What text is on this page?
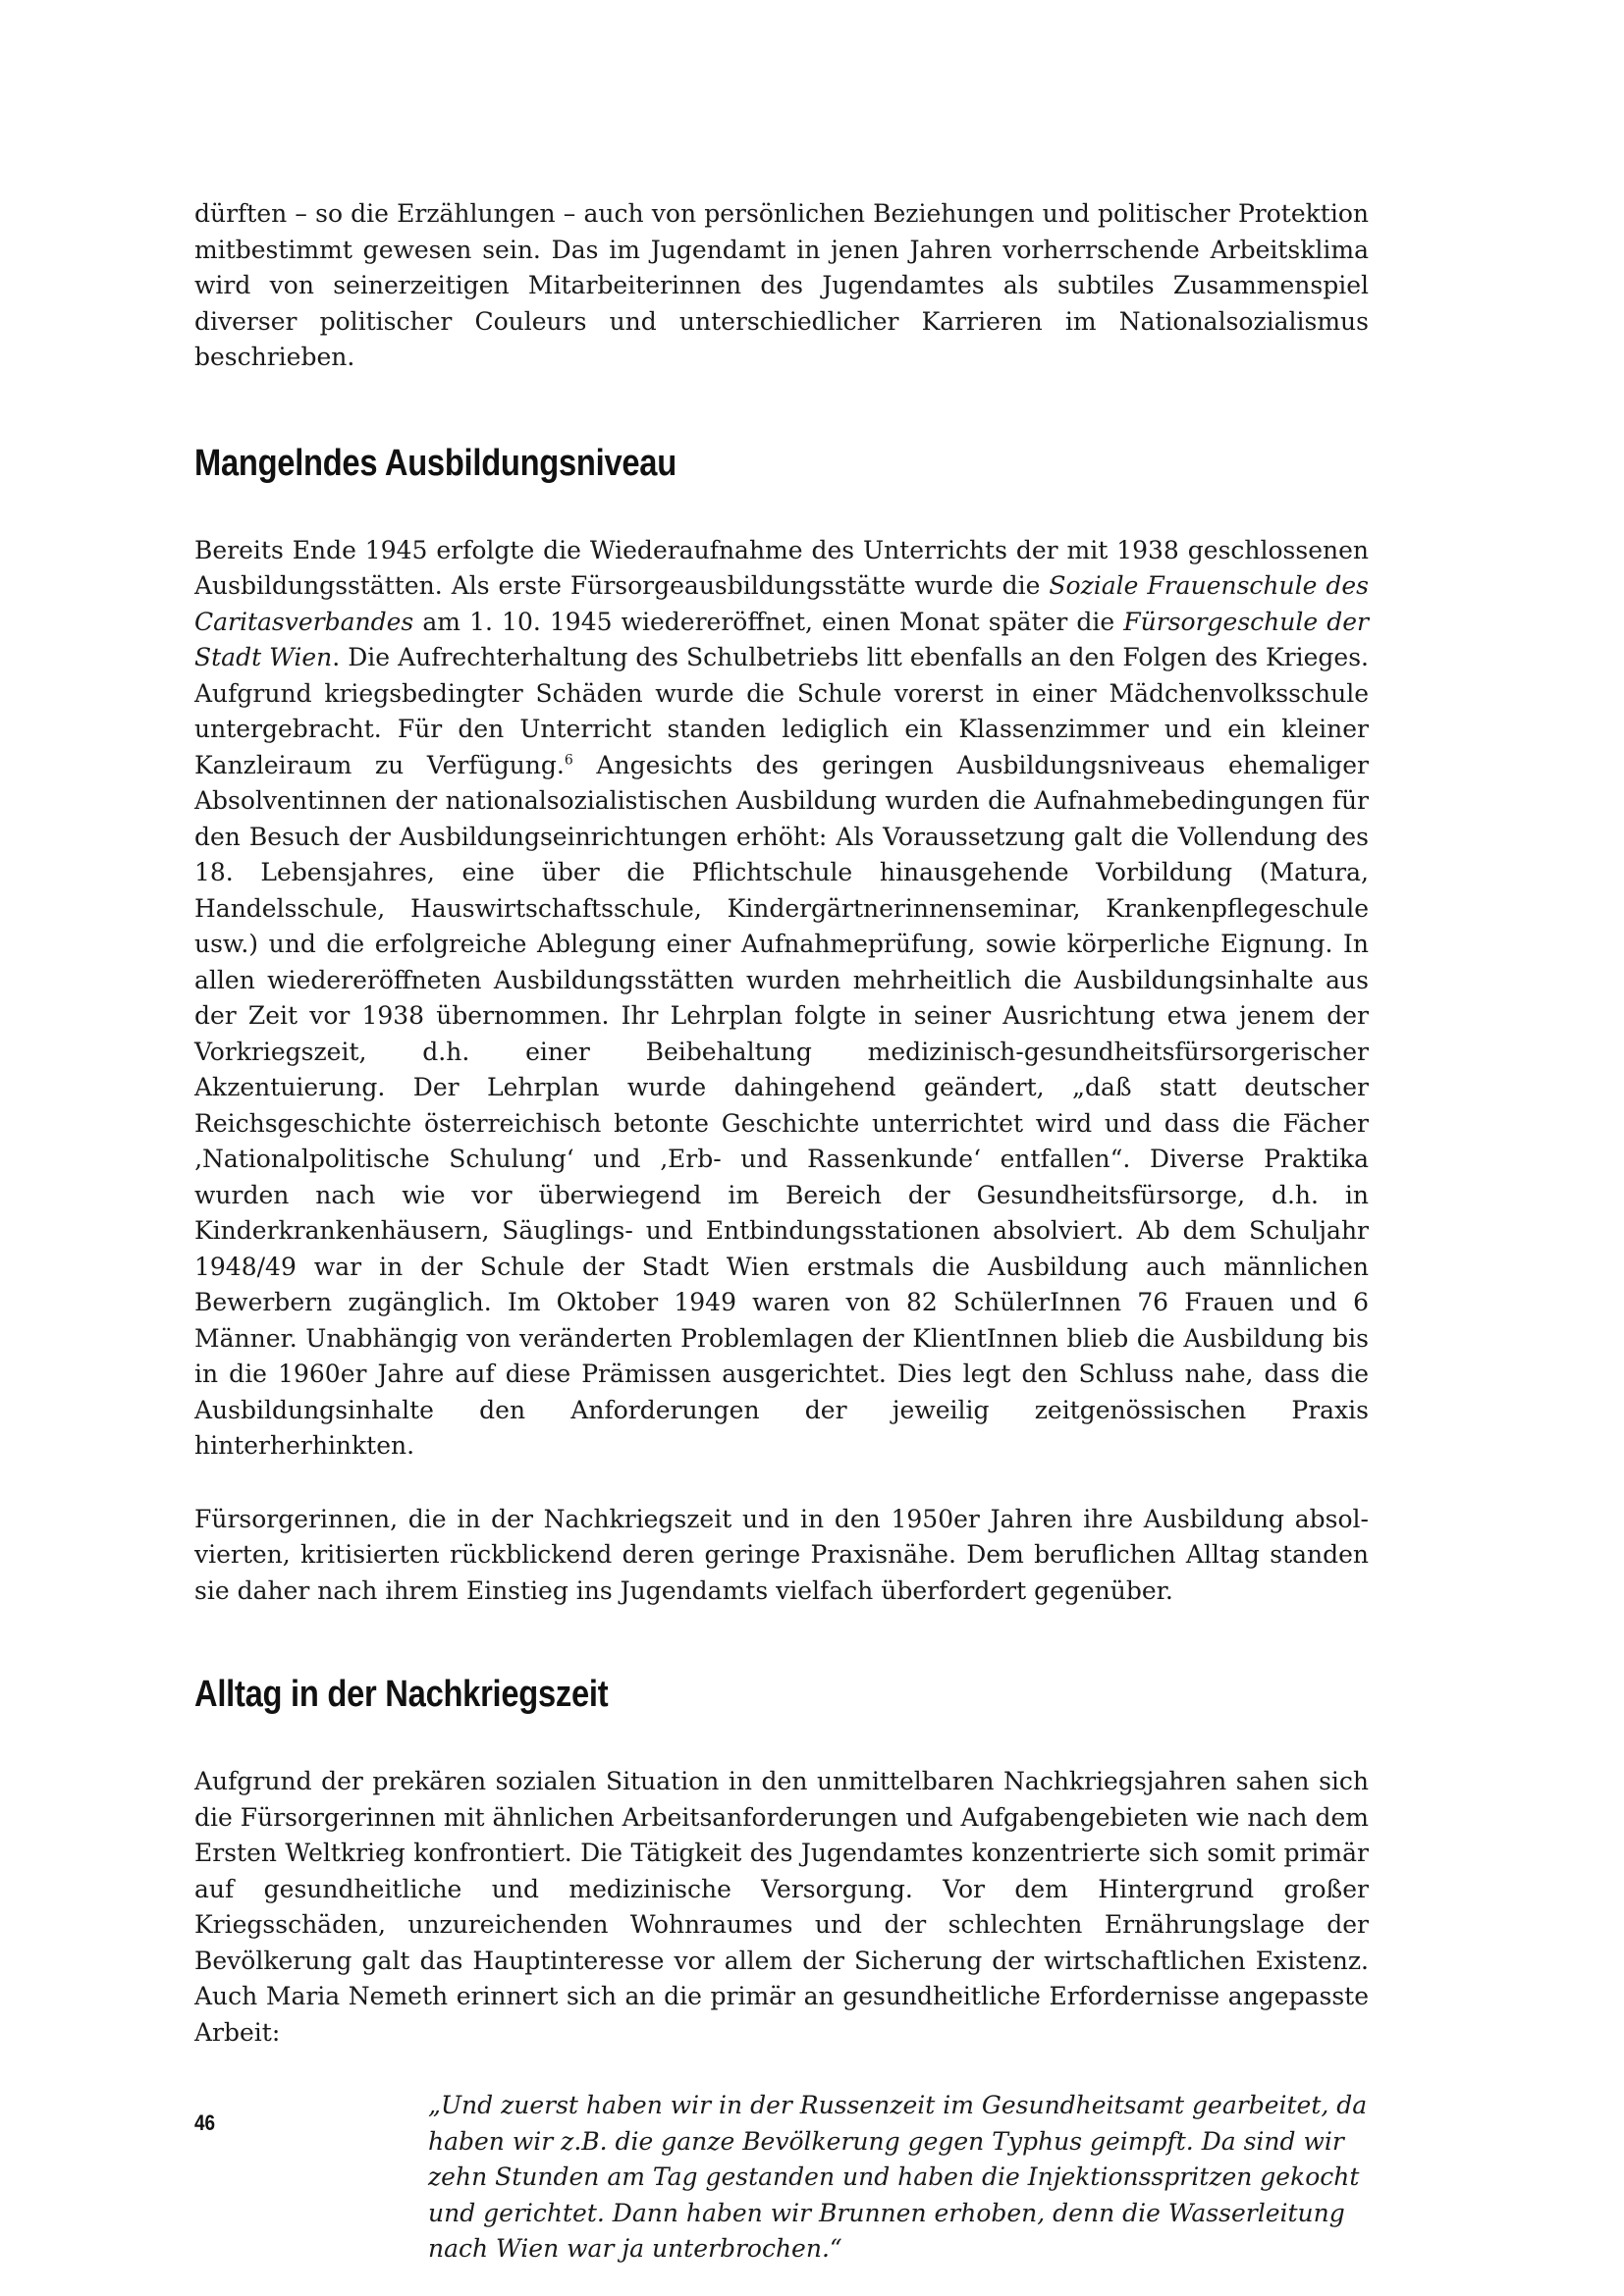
dürften – so die Erzählungen – auch von persönlichen Beziehungen und politischer Protektion mitbestimmt gewesen sein. Das im Jugendamt in jenen Jahren vorherrschende Arbeitsklima wird von seinerzeitigen Mitarbeiterinnen des Jugendamtes als subtiles Zusammenspiel diverser politischer Couleurs und unterschiedlicher Karrieren im Nationalsozialismus beschrieben.

Mangelndes Ausbildungsniveau

Bereits Ende 1945 erfolgte die Wiederaufnahme des Unterrichts der mit 1938 geschlossenen Ausbildungsstätten. Als erste Fürsorgeausbildungsstätte wurde die Soziale Frauenschule des Caritasverbandes am 1. 10. 1945 wiedereröffnet, einen Monat später die Fürsorgeschule der Stadt Wien. Die Aufrechterhaltung des Schulbetriebs litt ebenfalls an den Folgen des Krieges. Aufgrund kriegsbedingter Schäden wurde die Schule vorerst in einer Mädchenvolksschule untergebracht. Für den Unterricht standen lediglich ein Klassenzimmer und ein kleiner Kanzleiraum zu Verfügung.$^6$ Angesichts des geringen Ausbildungsniveaus ehemaliger Absolventinnen der nationalsozialistischen Ausbildung wurden die Aufnahmebedingungen für den Besuch der Ausbildungseinrichtungen erhöht: Als Voraussetzung galt die Vollendung des 18. Lebensjahres, eine über die Pflichtschule hinausgehende Vorbildung (Matura, Handelsschule, Hauswirtschaftsschule, Kindergärtnerinnenseminar, Krankenpflegeschule usw.) und die erfolgreiche Ablegung einer Aufnahmeprüfung, sowie körperliche Eignung. In allen wiedereröffneten Ausbildungsstätten wurden mehrheitlich die Ausbildungsinhalte aus der Zeit vor 1938 übernommen. Ihr Lehrplan folgte in seiner Ausrichtung etwa jenem der Vorkriegszeit, d.h. einer Beibehaltung medizinisch-gesundheitsfürsorgerischer Akzentuierung. Der Lehrplan wurde dahingehend geändert, „daß statt deutscher Reichsgeschichte österreichisch betonte Geschichte unterrichtet wird und dass die Fächer ‚Nationalpolitische Schulung‘ und ‚Erb- und Rassenkunde‘ entfallen“. Diverse Praktika wurden nach wie vor überwiegend im Bereich der Gesundheitsfürsorge, d.h. in Kinderkrankenhäusern, Säuglings- und Entbindungsstationen absolviert. Ab dem Schuljahr 1948/49 war in der Schule der Stadt Wien erstmals die Ausbildung auch männlichen Bewerbern zugänglich. Im Oktober 1949 waren von 82 SchülerInnen 76 Frauen und 6 Männer. Unabhängig von veränderten Problemlagen der KlientInnen blieb die Ausbildung bis in die 1960er Jahre auf diese Prämissen ausgerichtet. Dies legt den Schluss nahe, dass die Ausbildungsinhalte den Anforderungen der jeweilig zeitgenössischen Praxis hinterherhinkten.

Fürsorgerinnen, die in der Nachkriegszeit und in den 1950er Jahren ihre Ausbildung absolvierten, kritisierten rückblickend deren geringe Praxisnähe. Dem beruflichen Alltag standen sie daher nach ihrem Einstieg ins Jugendamts vielfach überfordert gegenüber.

Alltag in der Nachkriegszeit

Aufgrund der prekären sozialen Situation in den unmittelbaren Nachkriegsjahren sahen sich die Fürsorgerinnen mit ähnlichen Arbeitsanforderungen und Aufgabengebieten wie nach dem Ersten Weltkrieg konfrontiert. Die Tätigkeit des Jugendamtes konzentrierte sich somit primär auf gesundheitliche und medizinische Versorgung. Vor dem Hintergrund großer Kriegsschäden, unzureichenden Wohnraumes und der schlechten Ernährungslage der Bevölkerung galt das Hauptinteresse vor allem der Sicherung der wirtschaftlichen Existenz. Auch Maria Nemeth erinnert sich an die primär an gesundheitliche Erfordernisse angepasste Arbeit:

„Und zuerst haben wir in der Russenzeit im Gesundheitsamt gearbeitet, da haben wir z.B. die ganze Bevölkerung gegen Typhus geimpft. Da sind wir zehn Stunden am Tag gestanden und haben die Injektionsspritzen gekocht und gerichtet. Dann haben wir Brunnen erhoben, denn die Wasserleitung nach Wien war ja unterbrochen.“

46
